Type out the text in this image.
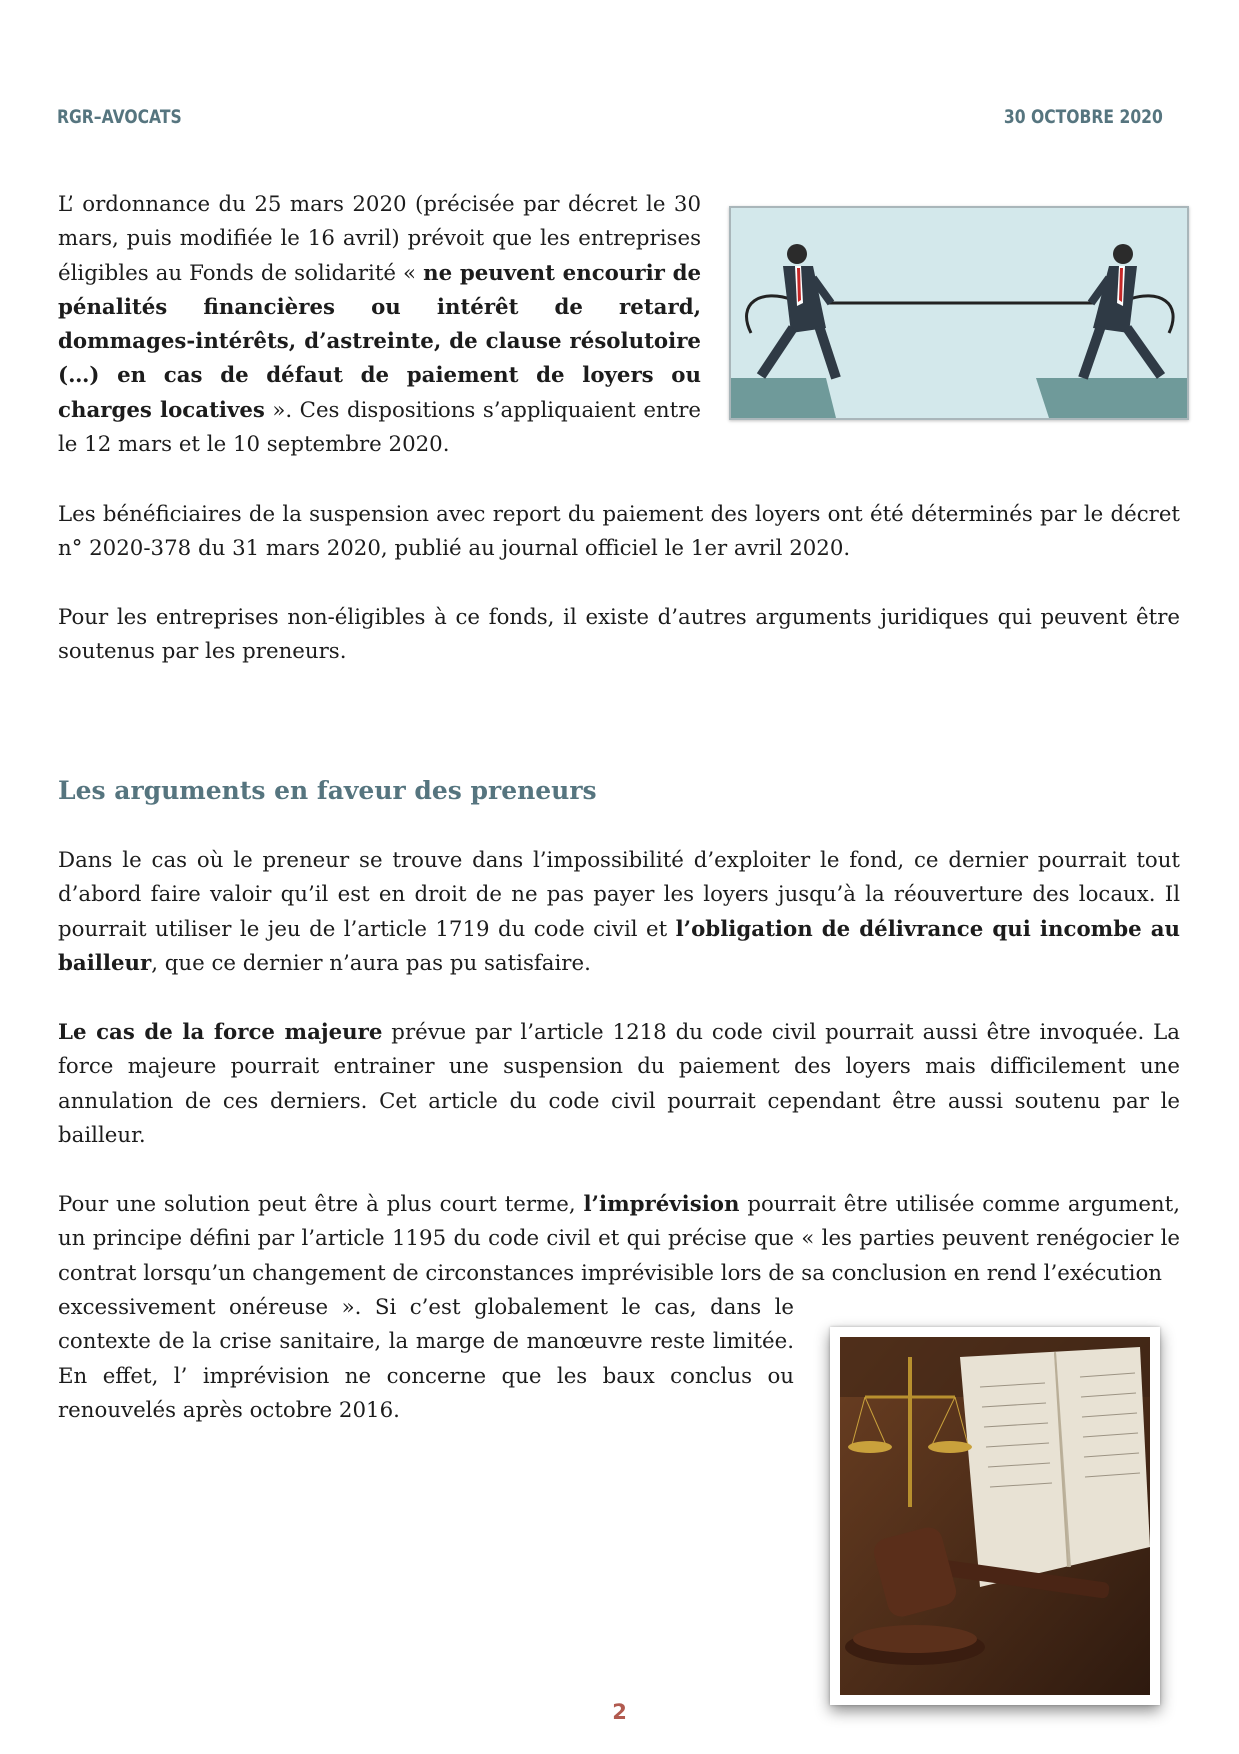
RGR–AVOCATS	30 OCTOBRE 2020

L’ ordonnance du 25 mars 2020 (précisée par décret le 30 mars, puis modifiée le 16 avril) prévoit que les entreprises éligibles au Fonds de solidarité « ne peuvent encourir de pénalités financières ou intérêt de retard, dommages-intérêts, d’astreinte, de clause résolutoire (…) en cas de défaut de paiement de loyers ou charges locatives ». Ces dispositions s’appliquaient entre le 12 mars et le 10 septembre 2020.

Les bénéficiaires de la suspension avec report du paiement des loyers ont été déterminés par le décret n° 2020-378 du 31 mars 2020, publié au journal officiel le 1er avril 2020.

Pour les entreprises non-éligibles à ce fonds, il existe d’autres arguments juridiques qui peuvent être soutenus par les preneurs.

Les arguments en faveur des preneurs

Dans le cas où le preneur se trouve dans l’impossibilité d’exploiter le fond, ce dernier pourrait tout d’abord faire valoir qu’il est en droit de ne pas payer les loyers jusqu’à la réouverture des locaux. Il pourrait utiliser le jeu de l’article 1719 du code civil et l’obligation de délivrance qui incombe au bailleur, que ce dernier n’aura pas pu satisfaire.

Le cas de la force majeure prévue par l’article 1218 du code civil pourrait aussi être invoquée. La force majeure pourrait entrainer une suspension du paiement des loyers mais difficilement une annulation de ces derniers. Cet article du code civil pourrait cependant être aussi soutenu par le bailleur.

Pour une solution peut être à plus court terme, l’imprévision pourrait être utilisée comme argument, un principe défini par l’article 1195 du code civil et qui précise que « les parties peuvent renégocier le contrat lorsqu’un changement de circonstances imprévisible lors de sa conclusion en rend l’exécution

excessivement onéreuse ». Si c’est globalement le cas, dans le contexte de la crise sanitaire, la marge de manœuvre reste limitée. En effet, l’ imprévision ne concerne que les baux conclus ou renouvelés après octobre 2016.

2
